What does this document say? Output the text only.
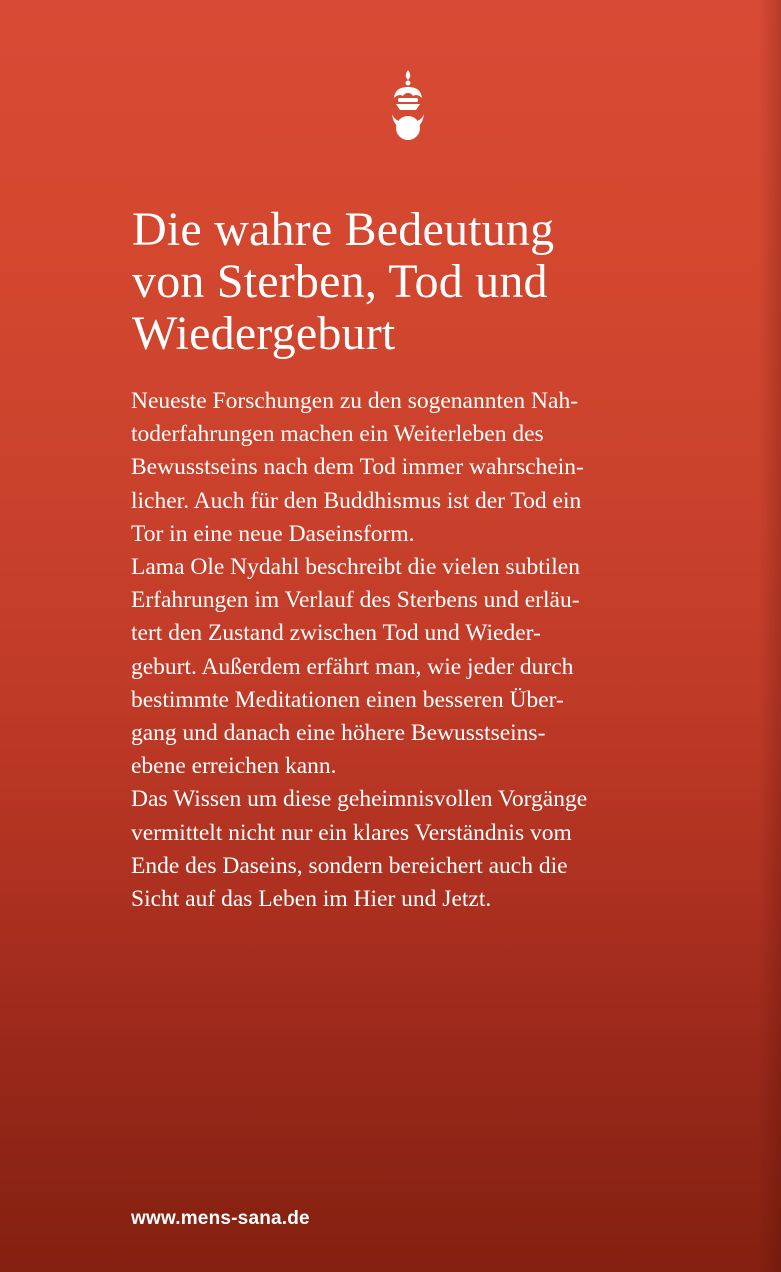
Die wahre Bedeutung
von Sterben, Tod und
Wiedergeburt
Neueste Forschungen zu den sogenannten Nah-
toderfahrungen machen ein Weiterleben des
Bewusstseins nach dem Tod immer wahrschein-
licher. Auch für den Buddhismus ist der Tod ein
Tor in eine neue Daseinsform.
Lama Ole Nydahl beschreibt die vielen subtilen
Erfahrungen im Verlauf des Sterbens und erläu-
tert den Zustand zwischen Tod und Wieder-
geburt. Außerdem erfährt man, wie jeder durch
bestimmte Meditationen einen besseren Über-
gang und danach eine höhere Bewusstseins-
ebene erreichen kann.
Das Wissen um diese geheimnisvollen Vorgänge
vermittelt nicht nur ein klares Verständnis vom
Ende des Daseins, sondern bereichert auch die
Sicht auf das Leben im Hier und Jetzt.
www.mens-sana.de
